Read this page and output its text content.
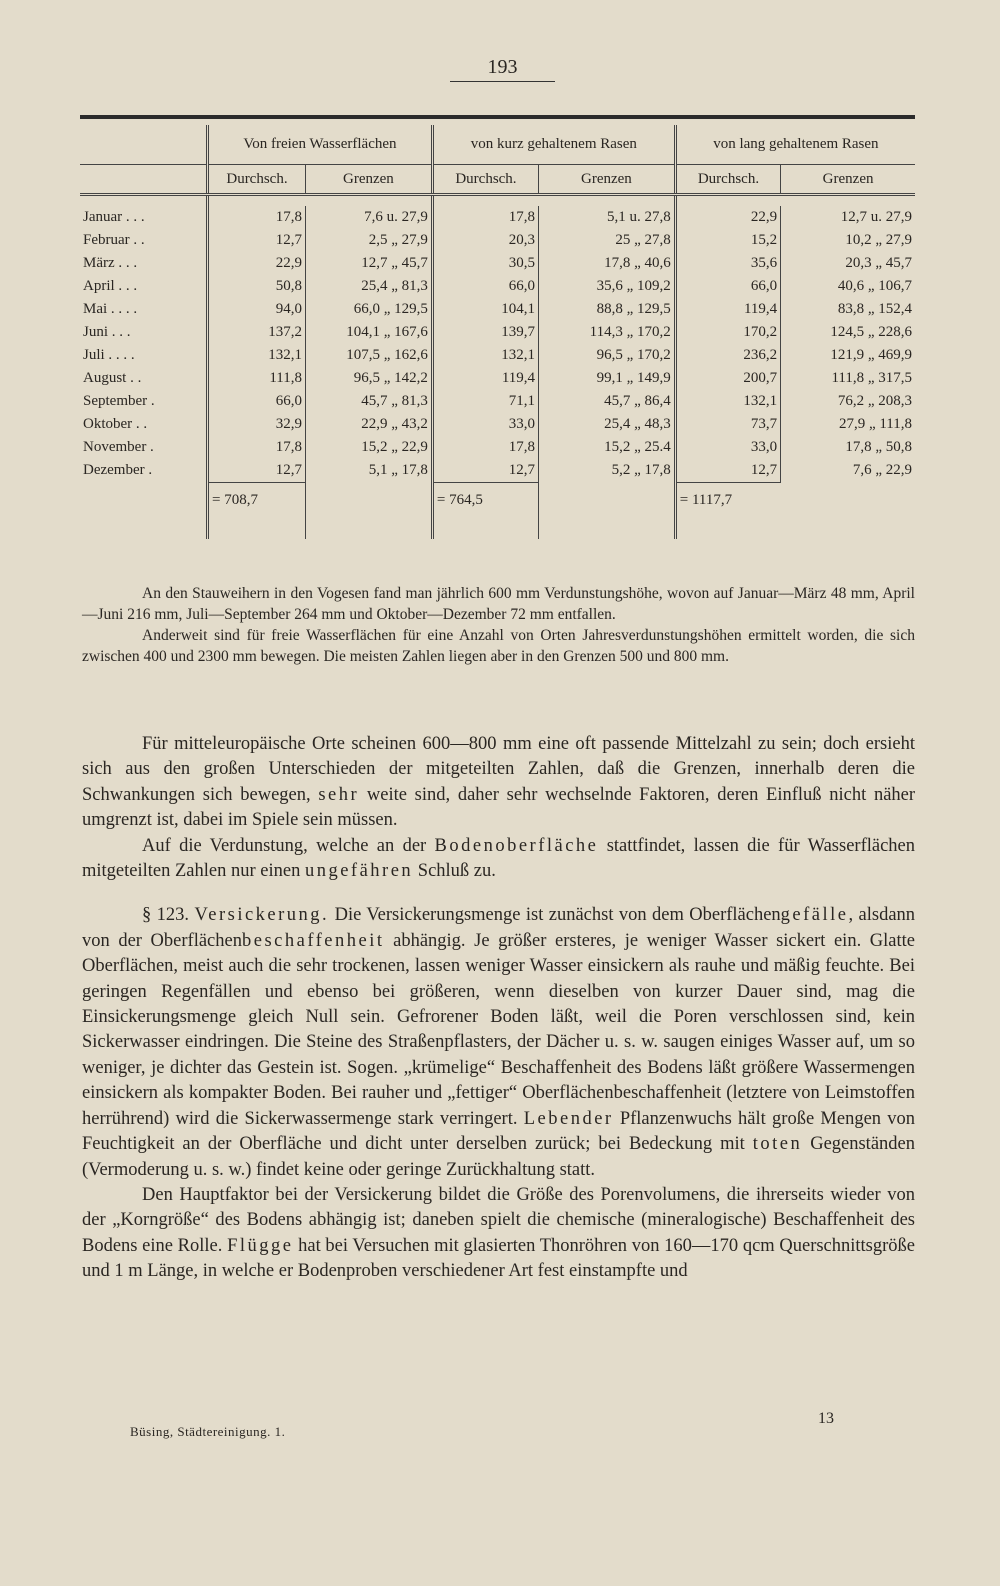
193

	Von freien Wasserflächen		von kurz gehaltenem Rasen		von lang gehaltenem Rasen	
	Durchsch.	Grenzen	Durchsch.	Grenzen	Durchsch.	Grenzen

Januar . . .	17,8	7,6 u. 27,9	17,8	5,1 u. 27,8	22,9	12,7 u. 27,9
Februar . .	12,7	2,5 „ 27,9	20,3	25 „ 27,8	15,2	10,2 „ 27,9
März . . .	22,9	12,7 „ 45,7	30,5	17,8 „ 40,6	35,6	20,3 „ 45,7
April . . .	50,8	25,4 „ 81,3	66,0	35,6 „ 109,2	66,0	40,6 „ 106,7
Mai . . . .	94,0	66,0 „ 129,5	104,1	88,8 „ 129,5	119,4	83,8 „ 152,4
Juni . . .	137,2	104,1 „ 167,6	139,7	114,3 „ 170,2	170,2	124,5 „ 228,6
Juli . . . .	132,1	107,5 „ 162,6	132,1	96,5 „ 170,2	236,2	121,9 „ 469,9
August . .	111,8	96,5 „ 142,2	119,4	99,1 „ 149,9	200,7	111,8 „ 317,5
September .	66,0	45,7 „ 81,3	71,1	45,7 „ 86,4	132,1	76,2 „ 208,3
Oktober . .	32,9	22,9 „ 43,2	33,0	25,4 „ 48,3	73,7	27,9 „ 111,8
November .	17,8	15,2 „ 22,9	17,8	15,2 „ 25.4	33,0	17,8 „ 50,8
Dezember .	12,7	5,1 „ 17,8	12,7	5,2 „ 17,8	12,7	7,6 „ 22,9
	= 708,7		= 764,5		= 1117,7	

An den Stauweihern in den Vogesen fand man jährlich 600 mm Verdunstungshöhe, wovon auf Januar—März 48 mm, April—Juni 216 mm, Juli—September 264 mm und Oktober—Dezember 72 mm entfallen.

Anderweit sind für freie Wasserflächen für eine Anzahl von Orten Jahresverdunstungshöhen ermittelt worden, die sich zwischen 400 und 2300 mm bewegen. Die meisten Zahlen liegen aber in den Grenzen 500 und 800 mm.

Für mitteleuropäische Orte scheinen 600—800 mm eine oft passende Mittelzahl zu sein; doch ersieht sich aus den großen Unterschieden der mitgeteilten Zahlen, daß die Grenzen, innerhalb deren die Schwankungen sich bewegen, sehr weite sind, daher sehr wechselnde Faktoren, deren Einfluß nicht näher umgrenzt ist, dabei im Spiele sein müssen.

Auf die Verdunstung, welche an der Bodenoberfläche stattfindet, lassen die für Wasserflächen mitgeteilten Zahlen nur einen ungefähren Schluß zu.

§ 123. Versickerung. Die Versickerungsmenge ist zunächst von dem Oberflächengefälle, alsdann von der Oberflächenbeschaffenheit abhängig. Je größer ersteres, je weniger Wasser sickert ein. Glatte Oberflächen, meist auch die sehr trockenen, lassen weniger Wasser einsickern als rauhe und mäßig feuchte. Bei geringen Regenfällen und ebenso bei größeren, wenn dieselben von kurzer Dauer sind, mag die Einsickerungsmenge gleich Null sein. Gefrorener Boden läßt, weil die Poren verschlossen sind, kein Sickerwasser eindringen. Die Steine des Straßenpflasters, der Dächer u. s. w. saugen einiges Wasser auf, um so weniger, je dichter das Gestein ist. Sogen. „krümelige“ Beschaffenheit des Bodens läßt größere Wassermengen einsickern als kompakter Boden. Bei rauher und „fettiger“ Oberflächenbeschaffenheit (letztere von Leimstoffen herrührend) wird die Sickerwassermenge stark verringert. Lebender Pflanzenwuchs hält große Mengen von Feuchtigkeit an der Oberfläche und dicht unter derselben zurück; bei Bedeckung mit toten Gegenständen (Vermoderung u. s. w.) findet keine oder geringe Zurückhaltung statt.

Den Hauptfaktor bei der Versickerung bildet die Größe des Porenvolumens, die ihrerseits wieder von der „Korngröße“ des Bodens abhängig ist; daneben spielt die chemische (mineralogische) Beschaffenheit des Bodens eine Rolle. Flügge hat bei Versuchen mit glasierten Thonröhren von 160—170 qcm Querschnittsgröße und 1 m Länge, in welche er Bodenproben verschiedener Art fest einstampfte und

Büsing, Städtereinigung. 1.
13
